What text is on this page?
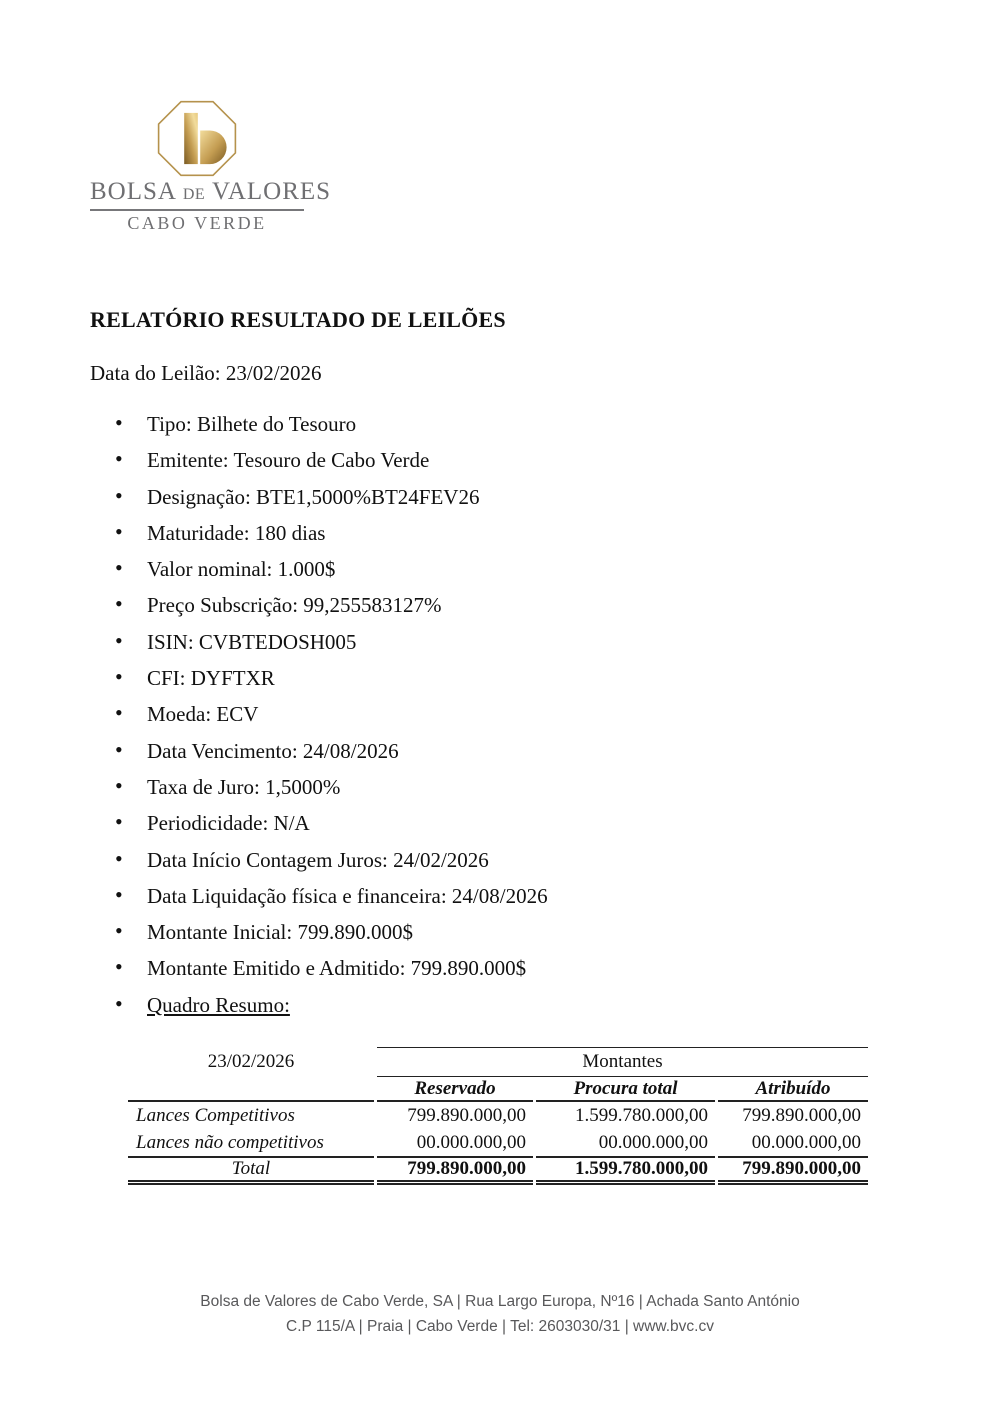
BOLSA DE VALORES
CABO VERDE
RELATÓRIO RESULTADO DE LEILÕES

Data do Leilão: 23/02/2026

• Tipo: Bilhete do Tesouro
• Emitente: Tesouro de Cabo Verde
• Designação: BTE1,5000%BT24FEV26
• Maturidade: 180 dias
• Valor nominal: 1.000$
• Preço Subscrição: 99,255583127%
• ISIN: CVBTEDOSH005
• CFI: DYFTXR
• Moeda: ECV
• Data Vencimento: 24/08/2026
• Taxa de Juro: 1,5000%
• Periodicidade: N/A
• Data Início Contagem Juros: 24/02/2026
• Data Liquidação física e financeira: 24/08/2026
• Montante Inicial: 799.890.000$
• Montante Emitido e Admitido: 799.890.000$
• Quadro Resumo:
23/02/2026	Montantes		
	Reservado	Procura total	Atribuído
Lances Competitivos	799.890.000,00	1.599.780.000,00	799.890.000,00
Lances não competitivos	00.000.000,00	00.000.000,00	00.000.000,00
Total	799.890.000,00	1.599.780.000,00	799.890.000,00
Bolsa de Valores de Cabo Verde, SA | Rua Largo Europa, Nº16 | Achada Santo António
C.P 115/A | Praia | Cabo Verde | Tel: 2603030/31 | www.bvc.cv
